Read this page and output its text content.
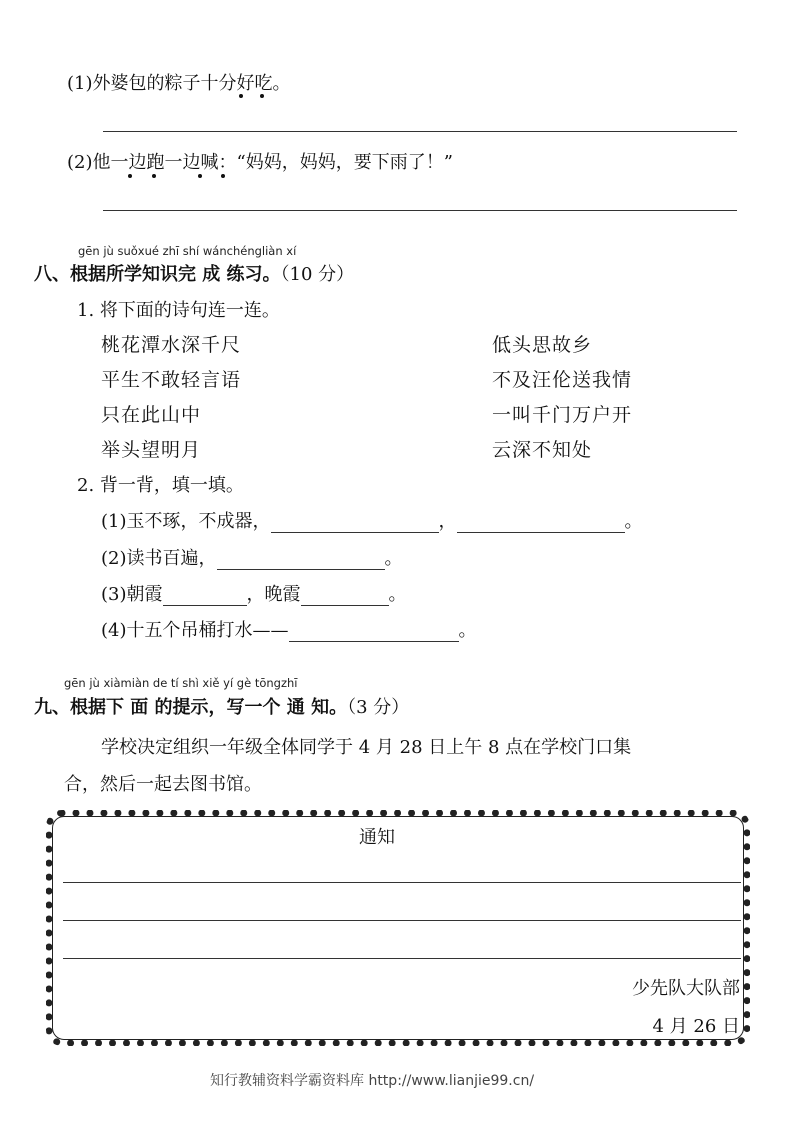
(1)外婆包的粽子十分好吃。
(2)他一边跑一边喊：“妈妈，妈妈，要下雨了！”
gēn jù suǒxué zhī shí wánchéngliàn xí
八、根据所学知识完 成 练习。（10 分）
1. 将下面的诗句连一连。
桃花潭水深千尺
平生不敢轻言语
只在此山中
举头望明月
低头思故乡
不及汪伦送我情
一叫千门万户开
云深不知处
2. 背一背，填一填。
(1)玉不琢，不成器，	，	。
(2)读书百遍，	。
(3)朝霞	，晚霞	。
(4)十五个吊桶打水——	。
gēn jù xiàmiàn de tí shì xiě yí gè tōngzhī
九、根据下 面 的提示，写一个 通 知。（3 分）
学校决定组织一年级全体同学于 4 月 28 日上午 8 点在学校门口集
合，然后一起去图书馆。
通知
少先队大队部
4 月 26 日
知行教辅资料学霸资料库 http://www.lianjie99.cn/
